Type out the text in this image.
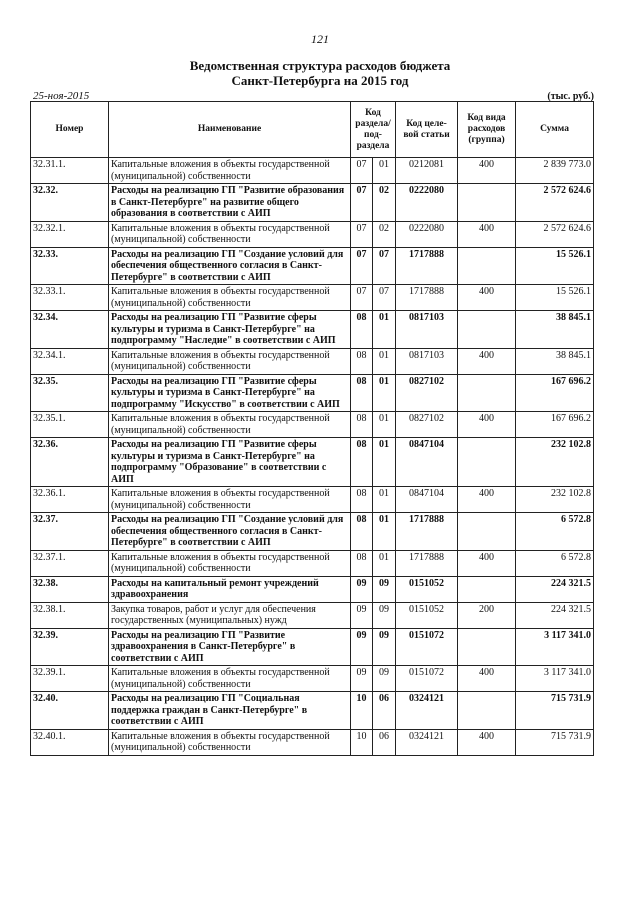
121
Ведомственная структура расходов бюджета
Санкт-Петербурга на 2015 год
25-ноя-2015	(тыс. руб.)
Номер	Наименование	Код раздела/ под- раздела		Код целе- вой статьи	Код вида расходов (группа)	Сумма
32.31.1.	Капитальные вложения в объекты государственной (муниципальной) собственности	07	01	0212081	400	2 839 773.0
32.32.	Расходы на реализацию ГП "Развитие образования в Санкт-Петербурге" на развитие общего образования в соответствии с АИП	07	02	0222080		2 572 624.6
32.32.1.	Капитальные вложения в объекты государственной (муниципальной) собственности	07	02	0222080	400	2 572 624.6
32.33.	Расходы на реализацию ГП "Создание условий для обеспечения общественного согласия в Санкт-Петербурге" в соответствии с АИП	07	07	1717888		15 526.1
32.33.1.	Капитальные вложения в объекты государственной (муниципальной) собственности	07	07	1717888	400	15 526.1
32.34.	Расходы на реализацию ГП "Развитие сферы культуры и туризма в Санкт-Петербурге" на подпрограмму "Наследие" в соответствии с АИП	08	01	0817103		38 845.1
32.34.1.	Капитальные вложения в объекты государственной (муниципальной) собственности	08	01	0817103	400	38 845.1
32.35.	Расходы на реализацию ГП "Развитие сферы культуры и туризма в Санкт-Петербурге" на подпрограмму "Искусство" в соответствии с АИП	08	01	0827102		167 696.2
32.35.1.	Капитальные вложения в объекты государственной (муниципальной) собственности	08	01	0827102	400	167 696.2
32.36.	Расходы на реализацию ГП "Развитие сферы культуры и туризма в Санкт-Петербурге" на подпрограмму "Образование" в соответствии с АИП	08	01	0847104		232 102.8
32.36.1.	Капитальные вложения в объекты государственной (муниципальной) собственности	08	01	0847104	400	232 102.8
32.37.	Расходы на реализацию ГП "Создание условий для обеспечения общественного согласия в Санкт-Петербурге" в соответствии с АИП	08	01	1717888		6 572.8
32.37.1.	Капитальные вложения в объекты государственной (муниципальной) собственности	08	01	1717888	400	6 572.8
32.38.	Расходы на капитальный ремонт учреждений здравоохранения	09	09	0151052		224 321.5
32.38.1.	Закупка товаров, работ и услуг для обеспечения государственных (муниципальных) нужд	09	09	0151052	200	224 321.5
32.39.	Расходы на реализацию ГП "Развитие здравоохранения в Санкт-Петербурге" в соответствии с АИП	09	09	0151072		3 117 341.0
32.39.1.	Капитальные вложения в объекты государственной (муниципальной) собственности	09	09	0151072	400	3 117 341.0
32.40.	Расходы на реализацию ГП "Социальная поддержка граждан в Санкт-Петербурге" в соответствии с АИП	10	06	0324121		715 731.9
32.40.1.	Капитальные вложения в объекты государственной (муниципальной) собственности	10	06	0324121	400	715 731.9
